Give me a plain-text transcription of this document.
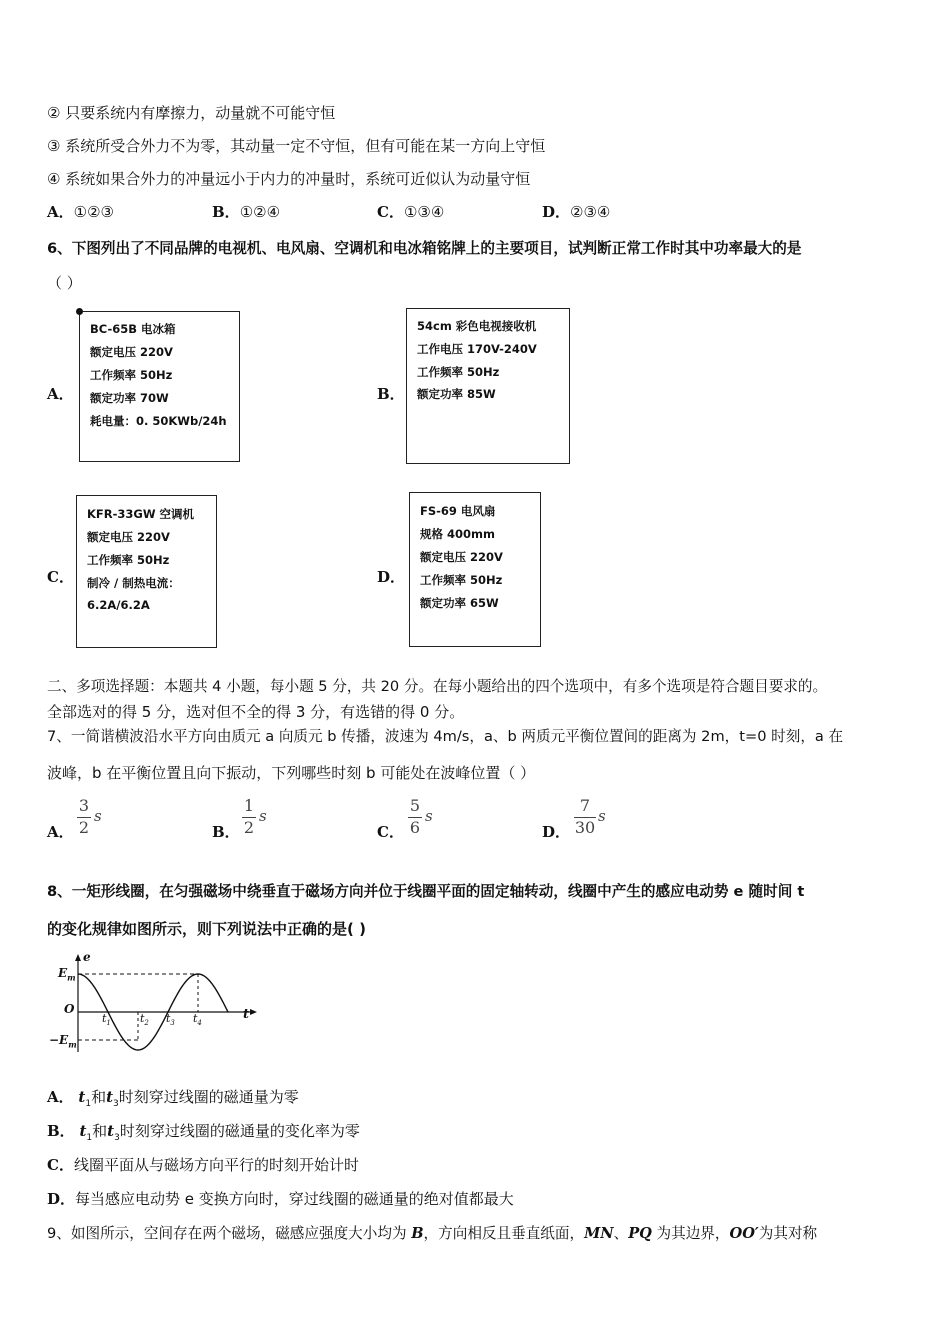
② 只要系统内有摩擦力，动量就不可能守恒
③ 系统所受合外力不为零，其动量一定不守恒，但有可能在某一方向上守恒
④ 系统如果合外力的冲量远小于内力的冲量时，系统可近似认为动量守恒
A．①②③	B．①②④	C．①③④	D．②③④
6、下图列出了不同品牌的电视机、电风扇、空调机和电冰箱铭牌上的主要项目，试判断正常工作时其中功率最大的是
（ ）
A．
BC-65B 电冰箱
额定电压 220V
工作频率 50Hz
额定功率 70W
耗电量：0. 50KWb/24h
B．
54cm 彩色电视接收机
工作电压 170V-240V
工作频率 50Hz
额定功率 85W
C．
KFR-33GW 空调机
额定电压 220V
工作频率 50Hz
制冷 / 制热电流：
6.2A/6.2A
D．
FS-69 电风扇
规格 400mm
额定电压 220V
工作频率 50Hz
额定功率 65W
二、多项选择题：本题共 4 小题，每小题 5 分，共 20 分。在每小题给出的四个选项中，有多个选项是符合题目要求的。
全部选对的得 5 分，选对但不全的得 3 分，有选错的得 0 分。
7、一简谐横波沿水平方向由质元 a 向质元 b 传播，波速为 4m/s，a、b 两质元平衡位置间的距离为 2m，t=0 时刻，a 在
波峰，b 在平衡位置且向下振动，下列哪些时刻 b 可能处在波峰位置（ ）
A．
3
2
s
B．
1
2
s
C．
5
6
s
D．
7
30
s
8、一矩形线圈，在匀强磁场中绕垂直于磁场方向并位于线圈平面的固定轴转动，线圈中产生的感应电动势 e 随时间 t
的变化规律如图所示，则下列说法中正确的是( )
e
$E_m$
O
$-E_m$
t
$t_1$	$t_2$ $t_3$ $t_4$
A． $t_1$和$t_3$时刻穿过线圈的磁通量为零
B． $t_1$和$t_3$时刻穿过线圈的磁通量的变化率为零
C．线圈平面从与磁场方向平行的时刻开始计时
D．每当感应电动势 e 变换方向时，穿过线圈的磁通量的绝对值都最大
9、如图所示，空间存在两个磁场，磁感应强度大小均为 B，方向相反且垂直纸面，MN、PQ 为其边界，OO′为其对称
